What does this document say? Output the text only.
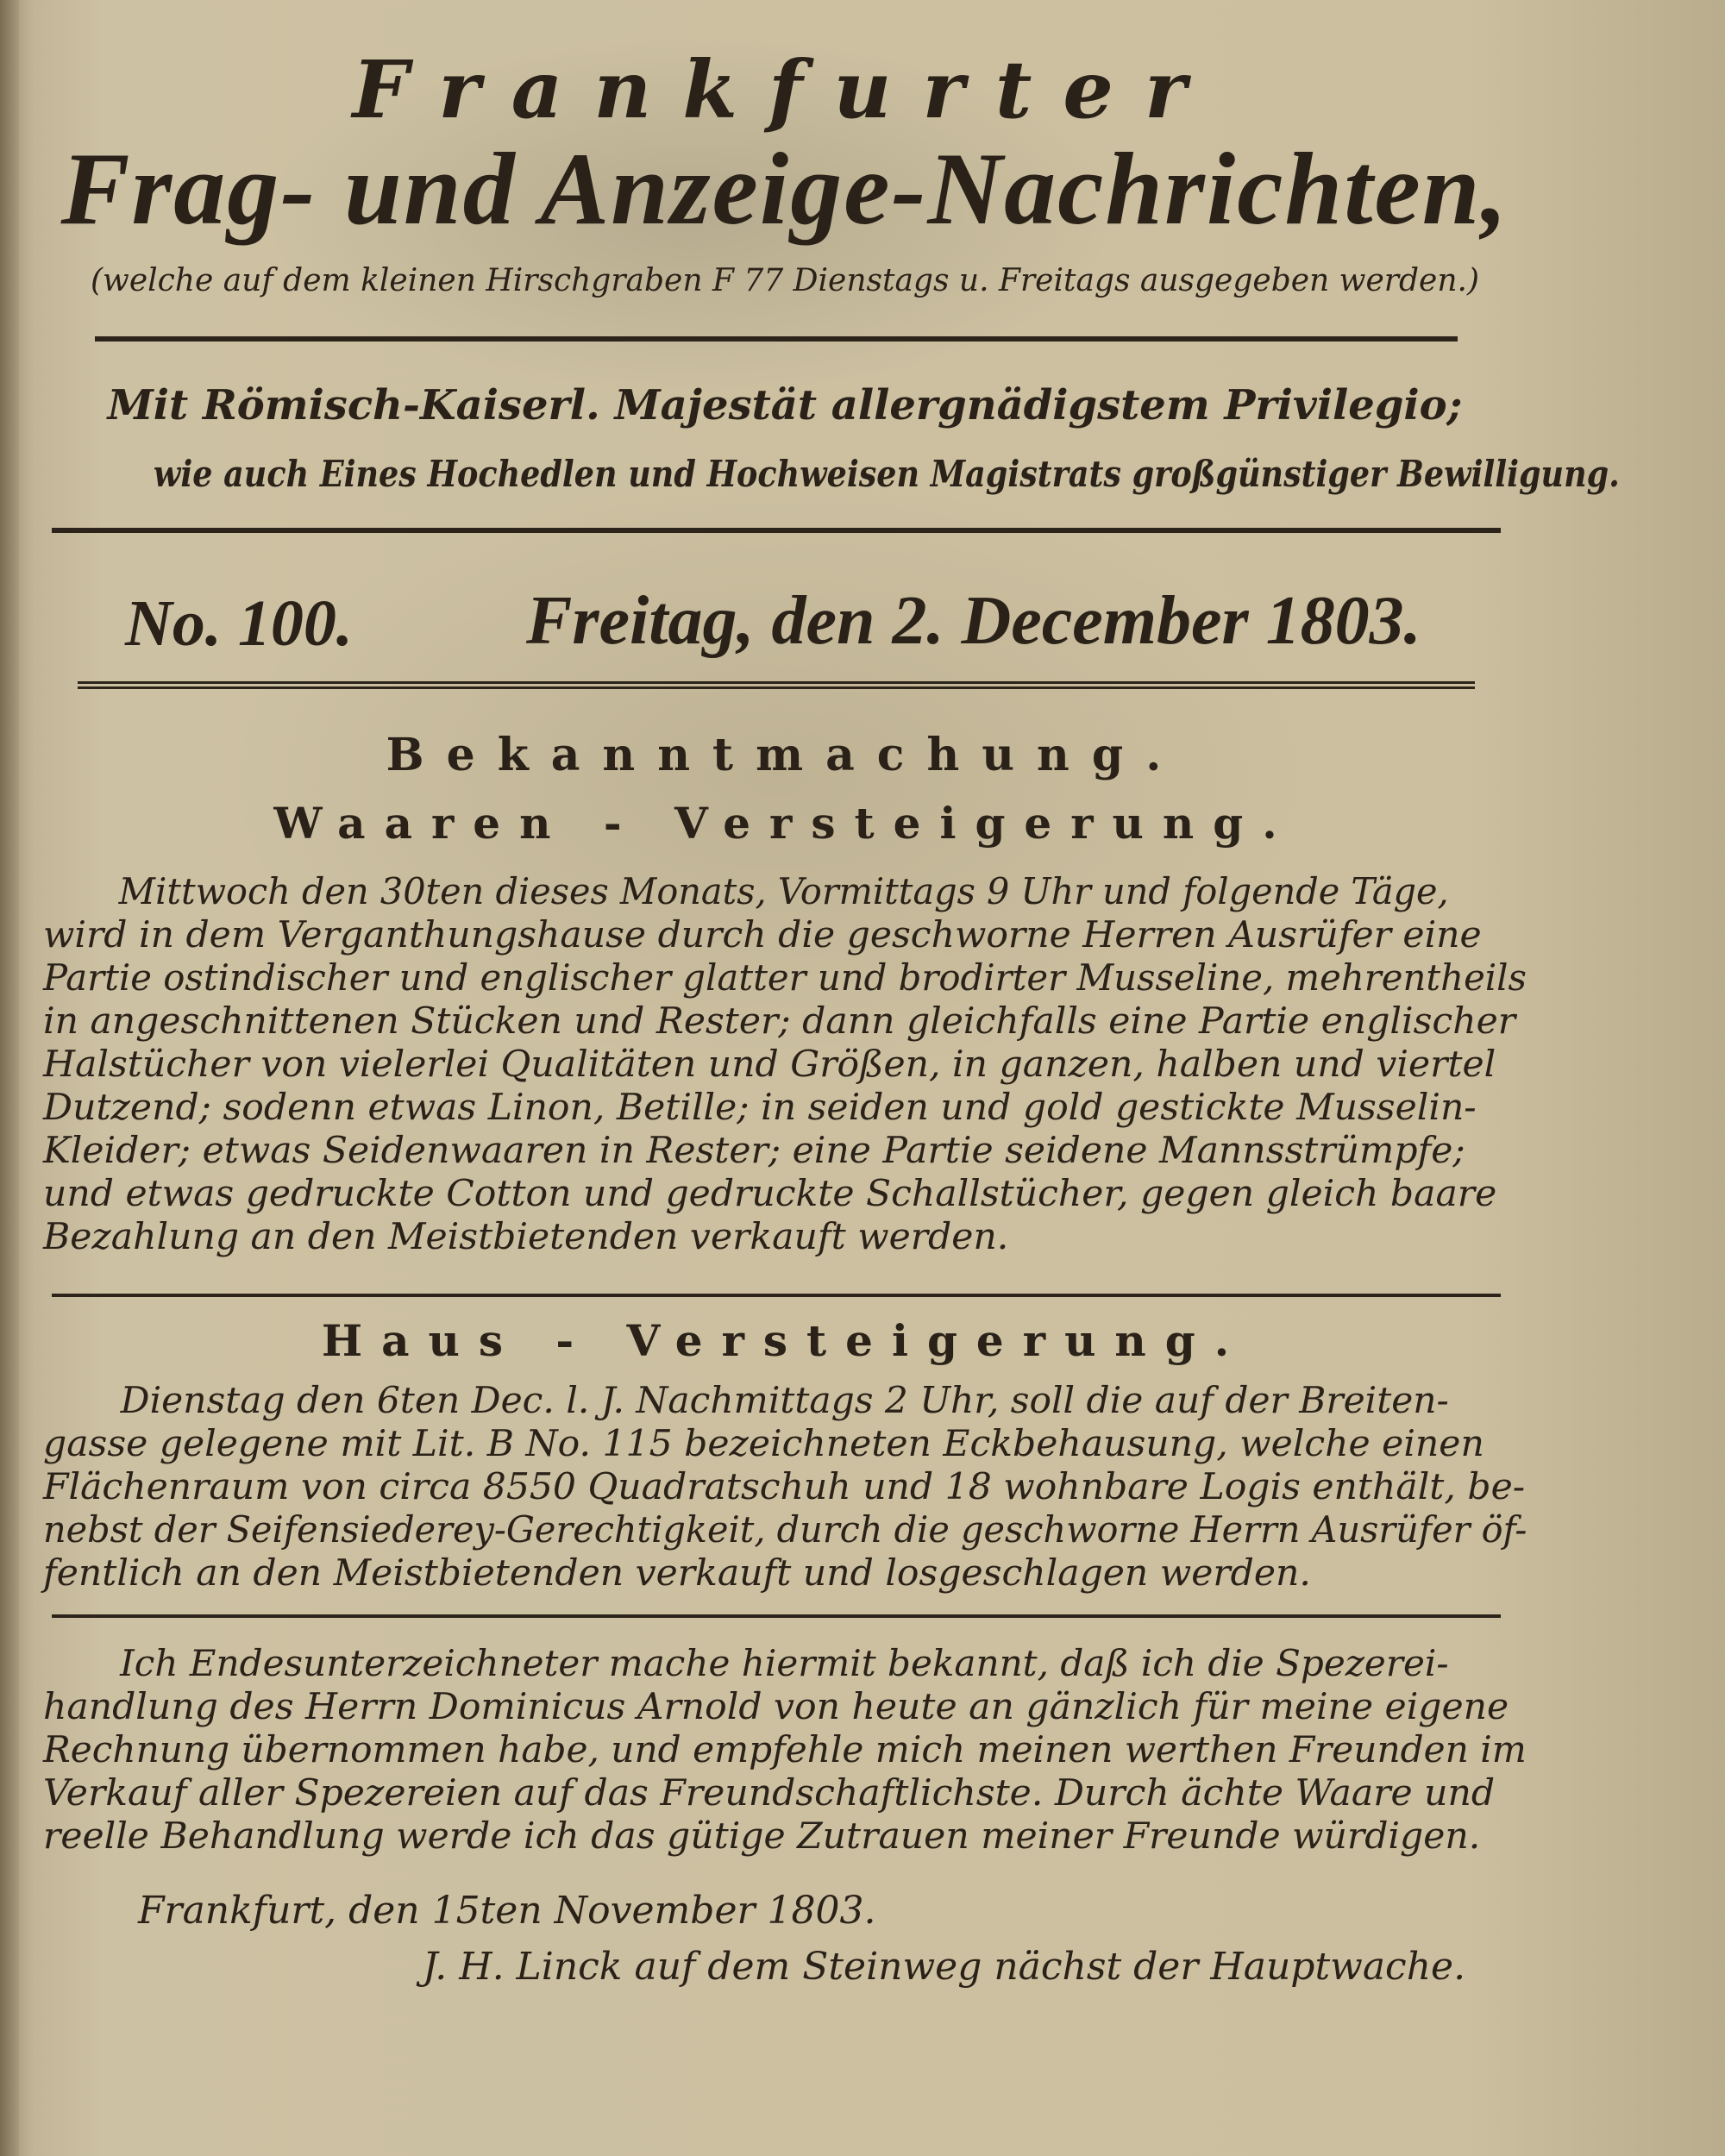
Frankfurter
Frag- und Anzeige-Nachrichten,
(welche auf dem kleinen Hirschgraben F 77 Dienstags u. Freitags ausgegeben werden.)
Mit Römisch-Kaiserl. Majestät allergnädigstem Privilegio;
wie auch Eines Hochedlen und Hochweisen Magistrats großgünstiger Bewilligung.
No. 100.	Freitag, den 2. December 1803.
Bekanntmachung.
Waaren - Versteigerung.
Mittwoch den 30ten dieses Monats, Vormittags 9 Uhr und folgende Täge,
wird in dem Verganthungshause durch die geschworne Herren Ausrüfer eine
Partie ostindischer und englischer glatter und brodirter Musseline, mehrentheils
in angeschnittenen Stücken und Rester; dann gleichfalls eine Partie englischer
Halstücher von vielerlei Qualitäten und Größen, in ganzen, halben und viertel
Dutzend; sodenn etwas Linon, Betille; in seiden und gold gestickte Musselin-
Kleider; etwas Seidenwaaren in Rester; eine Partie seidene Mannsstrümpfe;
und etwas gedruckte Cotton und gedruckte Schallstücher, gegen gleich baare
Bezahlung an den Meistbietenden verkauft werden.
Haus - Versteigerung.
Dienstag den 6ten Dec. l. J. Nachmittags 2 Uhr, soll die auf der Breiten-
gasse gelegene mit Lit. B No. 115 bezeichneten Eckbehausung, welche einen
Flächenraum von circa 8550 Quadratschuh und 18 wohnbare Logis enthält, be-
nebst der Seifensiederey-Gerechtigkeit, durch die geschworne Herrn Ausrüfer öf-
fentlich an den Meistbietenden verkauft und losgeschlagen werden.
Ich Endesunterzeichneter mache hiermit bekannt, daß ich die Spezerei-
handlung des Herrn Dominicus Arnold von heute an gänzlich für meine eigene
Rechnung übernommen habe, und empfehle mich meinen werthen Freunden im
Verkauf aller Spezereien auf das Freundschaftlichste. Durch ächte Waare und
reelle Behandlung werde ich das gütige Zutrauen meiner Freunde würdigen.
Frankfurt, den 15ten November 1803.
J. H. Linck auf dem Steinweg nächst der Hauptwache.
